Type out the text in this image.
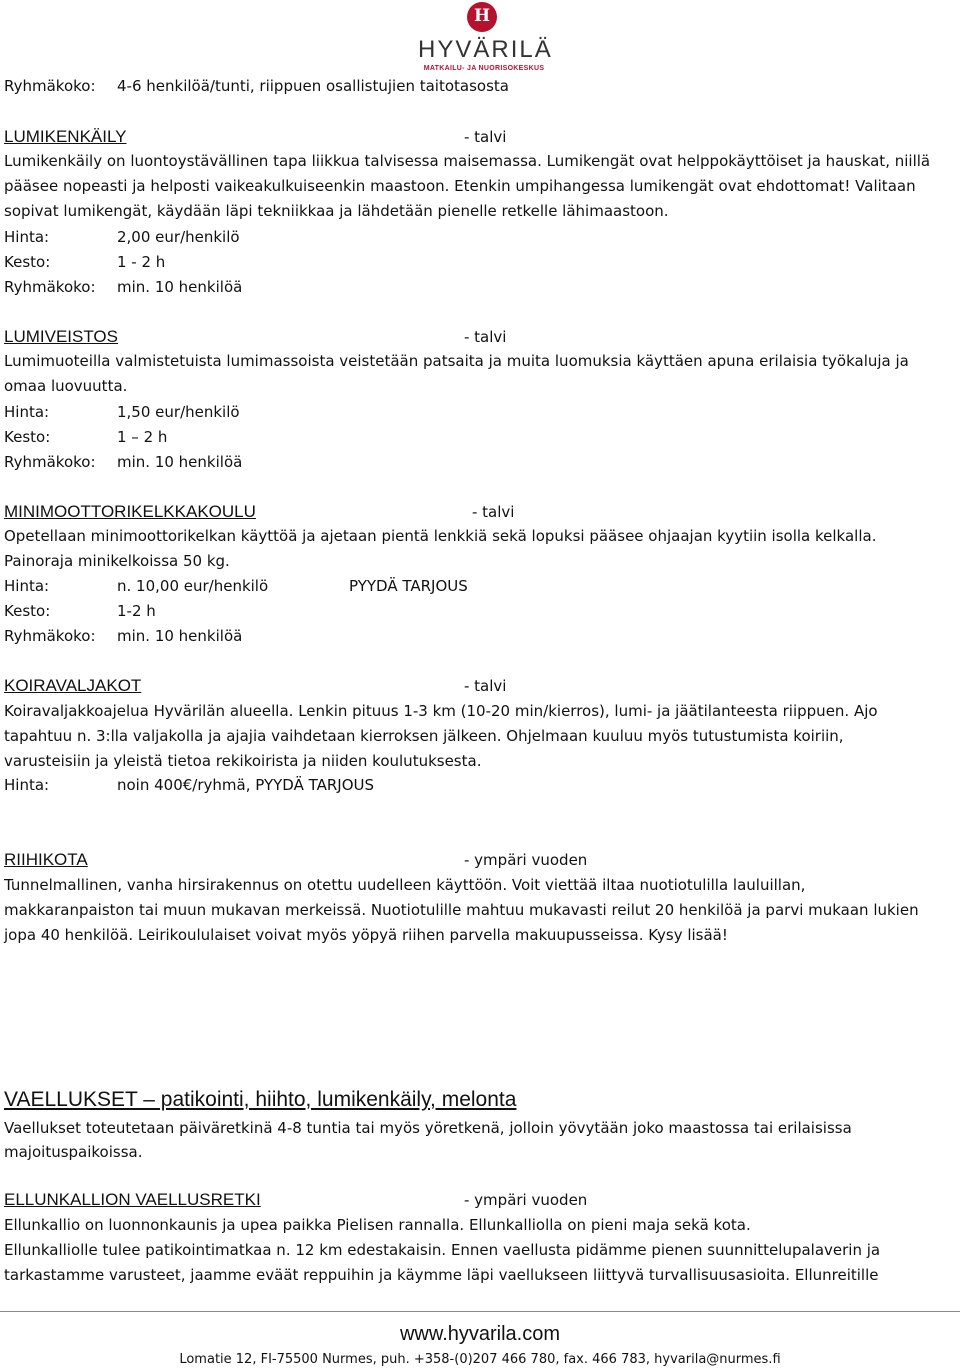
H
HYVÄRILÄ
MATKAILU- JA NUORISOKESKUS
Ryhmäkoko: 4-6 henkilöä/tunti, riippuen osallistujien taitotasosta
LUMIKENKÄILY	- talvi
Lumikenkäily on luontoystävällinen tapa liikkua talvisessa maisemassa. Lumikengät ovat helppokäyttöiset ja hauskat, niillä
pääsee nopeasti ja helposti vaikeakulkuiseenkin maastoon. Etenkin umpihangessa lumikengät ovat ehdottomat! Valitaan
sopivat lumikengät, käydään läpi tekniikkaa ja lähdetään pienelle retkelle lähimaastoon.
Hinta:	2,00 eur/henkilö
Kesto:	1 - 2 h
Ryhmäkoko: min. 10 henkilöä
LUMIVEISTOS	- talvi
Lumimuoteilla valmistetuista lumimassoista veistetään patsaita ja muita luomuksia käyttäen apuna erilaisia työkaluja ja
omaa luovuutta.
Hinta:	1,50 eur/henkilö
Kesto:	1 – 2 h
Ryhmäkoko: min. 10 henkilöä
MINIMOOTTORIKELKKAKOULU	- talvi
Opetellaan minimoottorikelkan käyttöä ja ajetaan pientä lenkkiä sekä lopuksi pääsee ohjaajan kyytiin isolla kelkalla.
Painoraja minikelkoissa 50 kg.
Hinta:	n. 10,00 eur/henkilö	PYYDÄ TARJOUS
Kesto:	1-2 h
Ryhmäkoko: min. 10 henkilöä
KOIRAVALJAKOT	- talvi
Koiravaljakkoajelua Hyvärilän alueella. Lenkin pituus 1-3 km (10-20 min/kierros), lumi- ja jäätilanteesta riippuen. Ajo
tapahtuu n. 3:lla valjakolla ja ajajia vaihdetaan kierroksen jälkeen. Ohjelmaan kuuluu myös tutustumista koiriin,
varusteisiin ja yleistä tietoa rekikoirista ja niiden koulutuksesta.
Hinta:	noin 400€/ryhmä, PYYDÄ TARJOUS
RIIHIKOTA	- ympäri vuoden
Tunnelmallinen, vanha hirsirakennus on otettu uudelleen käyttöön. Voit viettää iltaa nuotiotulilla lauluillan,
makkaranpaiston tai muun mukavan merkeissä. Nuotiotulille mahtuu mukavasti reilut 20 henkilöä ja parvi mukaan lukien
jopa 40 henkilöä. Leirikoululaiset voivat myös yöpyä riihen parvella makuupusseissa. Kysy lisää!
VAELLUKSET – patikointi, hiihto, lumikenkäily, melonta
Vaellukset toteutetaan päiväretkinä 4-8 tuntia tai myös yöretkenä, jolloin yövytään joko maastossa tai erilaisissa
majoituspaikoissa.
ELLUNKALLION VAELLUSRETKI	- ympäri vuoden
Ellunkallio on luonnonkaunis ja upea paikka Pielisen rannalla. Ellunkalliolla on pieni maja sekä kota.
Ellunkalliolle tulee patikointimatkaa n. 12 km edestakaisin. Ennen vaellusta pidämme pienen suunnittelupalaverin ja
tarkastamme varusteet, jaamme eväät reppuihin ja käymme läpi vaellukseen liittyvä turvallisuusasioita. Ellunreitille
www.hyvarila.com
Lomatie 12, FI-75500 Nurmes, puh. +358-(0)207 466 780, fax. 466 783, hyvarila@nurmes.fi
